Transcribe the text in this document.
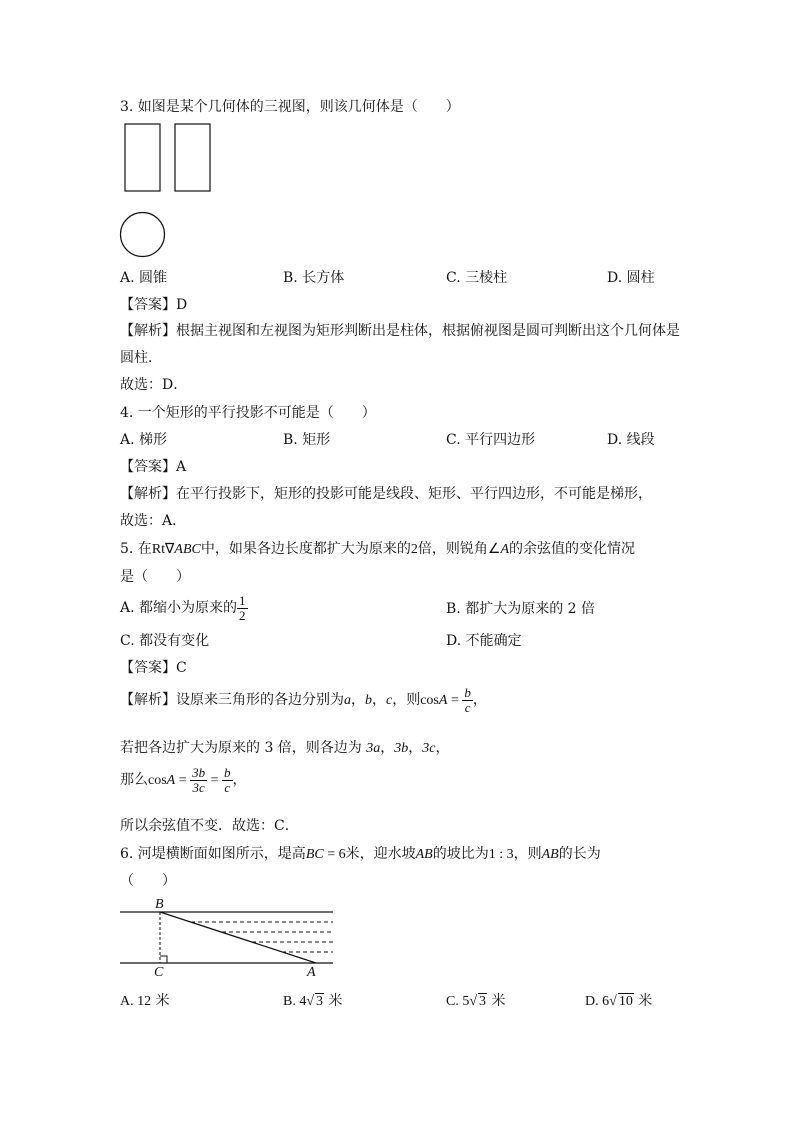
3. 如图是某个几何体的三视图，则该几何体是（　　）
A. 圆锥	B. 长方体	C. 三棱柱	D. 圆柱
【答案】D
【解析】根据主视图和左视图为矩形判断出是柱体，根据俯视图是圆可判断出这个几何体是
圆柱．
故选：D．
4. 一个矩形的平行投影不可能是（　　）
A. 梯形	B. 矩形	C. 平行四边形	D. 线段
【答案】A
【解析】在平行投影下，矩形的投影可能是线段、矩形、平行四边形，不可能是梯形，
故选：A．
5. 在Rt∇ABC中，如果各边长度都扩大为原来的2倍，则锐角∠A的余弦值的变化情况
是（　　）
A. 都缩小为原来的 $\frac{1}{2}$	B. 都扩大为原来的 2 倍
C. 都没有变化	D. 不能确定
【答案】C
【解析】设原来三角形的各边分别为a，b，c，则$\cos A = \frac{b}{c}$ ，
若把各边扩大为原来的 3 倍，则各边为 3a，3b，3c，
那么$\cos A = \frac{3b}{3c} = \frac{b}{c}$ ，
所以余弦值不变．故选：C．
6. 河堤横断面如图所示，堤高BC = 6米，迎水坡AB的坡比为1 : 3，则AB的长为
（　　）
B
C	A
A. 12 米	B. 4√ 3 米	C. 5√ 3 米	D. 6√ 10 米
